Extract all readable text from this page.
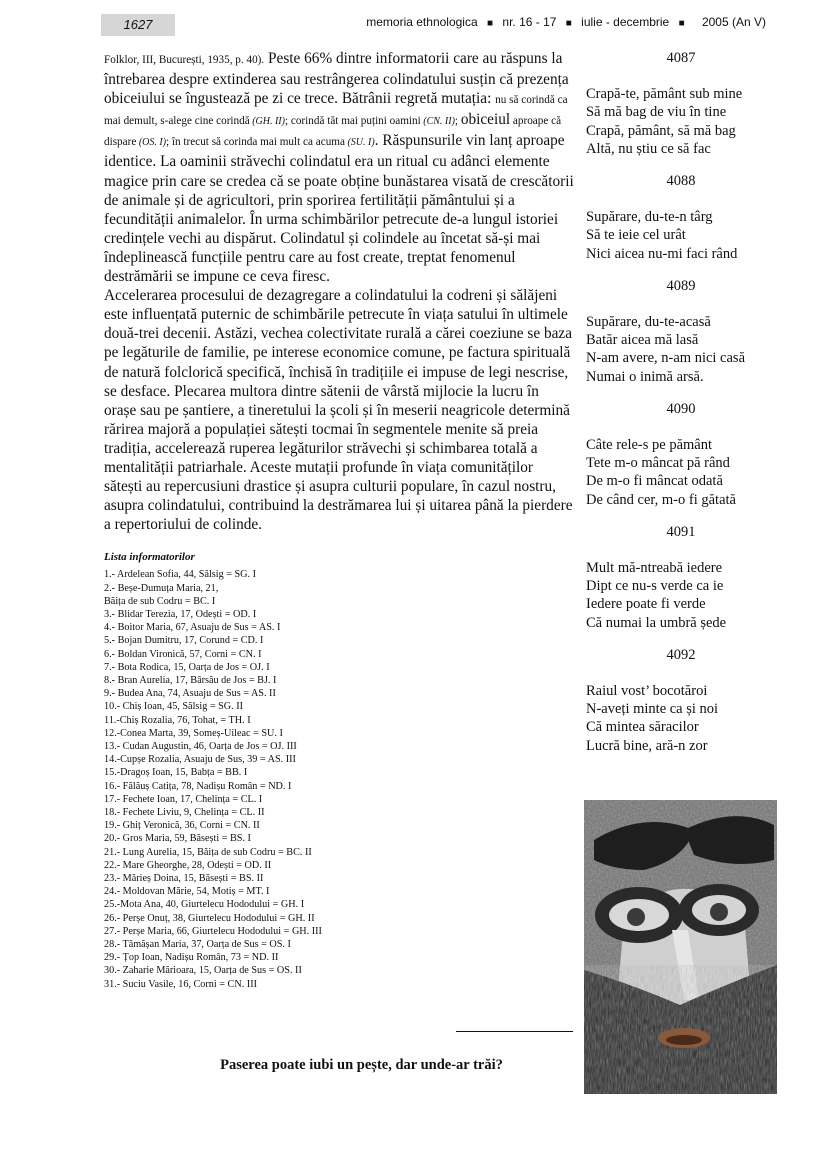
1627	memoria ethnologica ■ nr. 16 - 17 ■ iulie - decembrie ■ 2005 (An V)

Folklor, III, București, 1935, p. 40). Peste 66% dintre informatorii care au răspuns la întrebarea despre extinderea sau restrângerea colindatului susțin că prezența obiceiului se îngustează pe zi ce trece. Bătrânii regretă mutația: nu să corindă ca mai demult, s-alege cine corindă (GH. II); corindă tăt mai puțini oamini (CN. II); obiceiul aproape că dispare (OS. I); în trecut să corinda mai mult ca acuma (SU. I). Răspunsurile vin lanț aproape identice. La oaminii străvechi colindatul era un ritual cu adânci elemente magice prin care se credea că se poate obține bunăstarea visată de crescătorii de animale și de agricultori, prin sporirea fertilității pământului și a fecundității animalelor. În urma schimbărilor petrecute de-a lungul istoriei credințele vechi au dispărut. Colindatul și colindele au încetat să-și mai îndeplinească funcțiile pentru care au fost create, treptat fenomenul destrămării se impune ce ceva firesc.

Accelerarea procesului de dezagregare a colindatului la codreni și sălăjeni este influențată puternic de schimbările petrecute în viața satului în ultimele două-trei decenii. Astăzi, vechea colectivitate rurală a cărei coeziune se baza pe legăturile de familie, pe interese economice comune, pe factura spirituală de natură folclorică specifică, închisă în tradițiile ei impuse de legi nescrise, se desface. Plecarea multora dintre sătenii de vârstă mijlocie la lucru în orașe sau pe șantiere, a tineretului la școli și în meserii neagricole determină rărirea majoră a populației sătești tocmai în segmentele menite să preia tradiția, accelerează ruperea legăturilor străvechi și schimbarea totală a mentalității patriarhale. Aceste mutații profunde în viața comunităților sătești au repercusiuni drastice și asupra culturii populare, în cazul nostru, asupra colindatului, contribuind la destrămarea lui și uitarea până la pierdere a repertoriului de colinde.

Lista informatorilor
1.- Ardelean Sofia, 44, Sălsig = SG. I
2.- Beșe-Dumuța Maria, 21,
Băița de sub Codru = BC. I
3.- Blidar Terezia, 17, Odești = OD. I
4.- Boitor Maria, 67, Asuaju de Sus = AS. I
5.- Bojan Dumitru, 17, Corund = CD. I
6.- Boldan Vironică, 57, Corni = CN. I
7.- Bota Rodica, 15, Oarța de Jos = OJ. I
8.- Bran Aurelia, 17, Bârsău de Jos = BJ. I
9.- Budea Ana, 74, Asuaju de Sus = AS. II
10.- Chiș Ioan, 45, Sălsig = SG. II
11.-Chiș Rozalia, 76, Tohat, = TH. I
12.-Conea Marta, 39, Someș-Uileac = SU. I
13.- Cudan Augustin, 46, Oarța de Jos = OJ. III
14.-Cupșe Rozalia, Asuaju de Sus, 39 = AS. III
15.-Dragoș Ioan, 15, Babța = BB. I
16.- Fălăuș Catița, 78, Nadișu Român = ND. I
17.- Fechete Ioan, 17, Chelința = CL. I
18.- Fechete Liviu, 9, Chelința = CL. II
19.- Ghiț Veronică, 36, Corni = CN. II
20.- Gros Maria, 59, Băsești = BS. I
21.- Lung Aurelia, 15, Băița de sub Codru = BC. II
22.- Mare Gheorghe, 28, Odești = OD. II
23.- Măriеș Doina, 15, Băsești = BS. II
24.- Moldovan Mărie, 54, Motiș = MT. I
25.-Mota Ana, 40, Giurtelecu Hododului = GH. I
26.- Perșe Onuț, 38, Giurtelecu Hododului = GH. II
27.- Perșe Maria, 66, Giurtelecu Hododului = GH. III
28.- Tămășan Maria, 37, Oarța de Sus = OS. I
29.- Țop Ioan, Nadișu Român, 73 = ND. II
30.- Zaharie Mărioara, 15, Oarța de Sus = OS. II
31.- Suciu Vasile, 16, Corni = CN. III
4087
Crapă-te, pământ sub mine
Să mă bag de viu în tine
Crapă, pământ, să mă bag
Altă, nu știu ce să fac
4088
Supărare, du-te-n târg
Să te ieie cel urât
Nici aicea nu-mi faci rând
4089
Supărare, du-te-acasă
Batăr aicea mă lasă
N-am avere, n-am nici casă
Numai o inimă arsă.
4090
Câte rele-s pe pământ
Tete m-o mâncat pă rând
De m-o fi mâncat odată
De când cer, m-o fi gătată
4091
Mult mă-ntreabă iedere
Dipt ce nu-s verde ca ie
Iedere poate fi verde
Că numai la umbră șede
4092
Raiul vost’ bocotăroi
N-aveți minte ca și noi
Că mintea săracilor
Lucră bine, ară-n zor
Paserea poate iubi un pește, dar unde-ar trăi?
